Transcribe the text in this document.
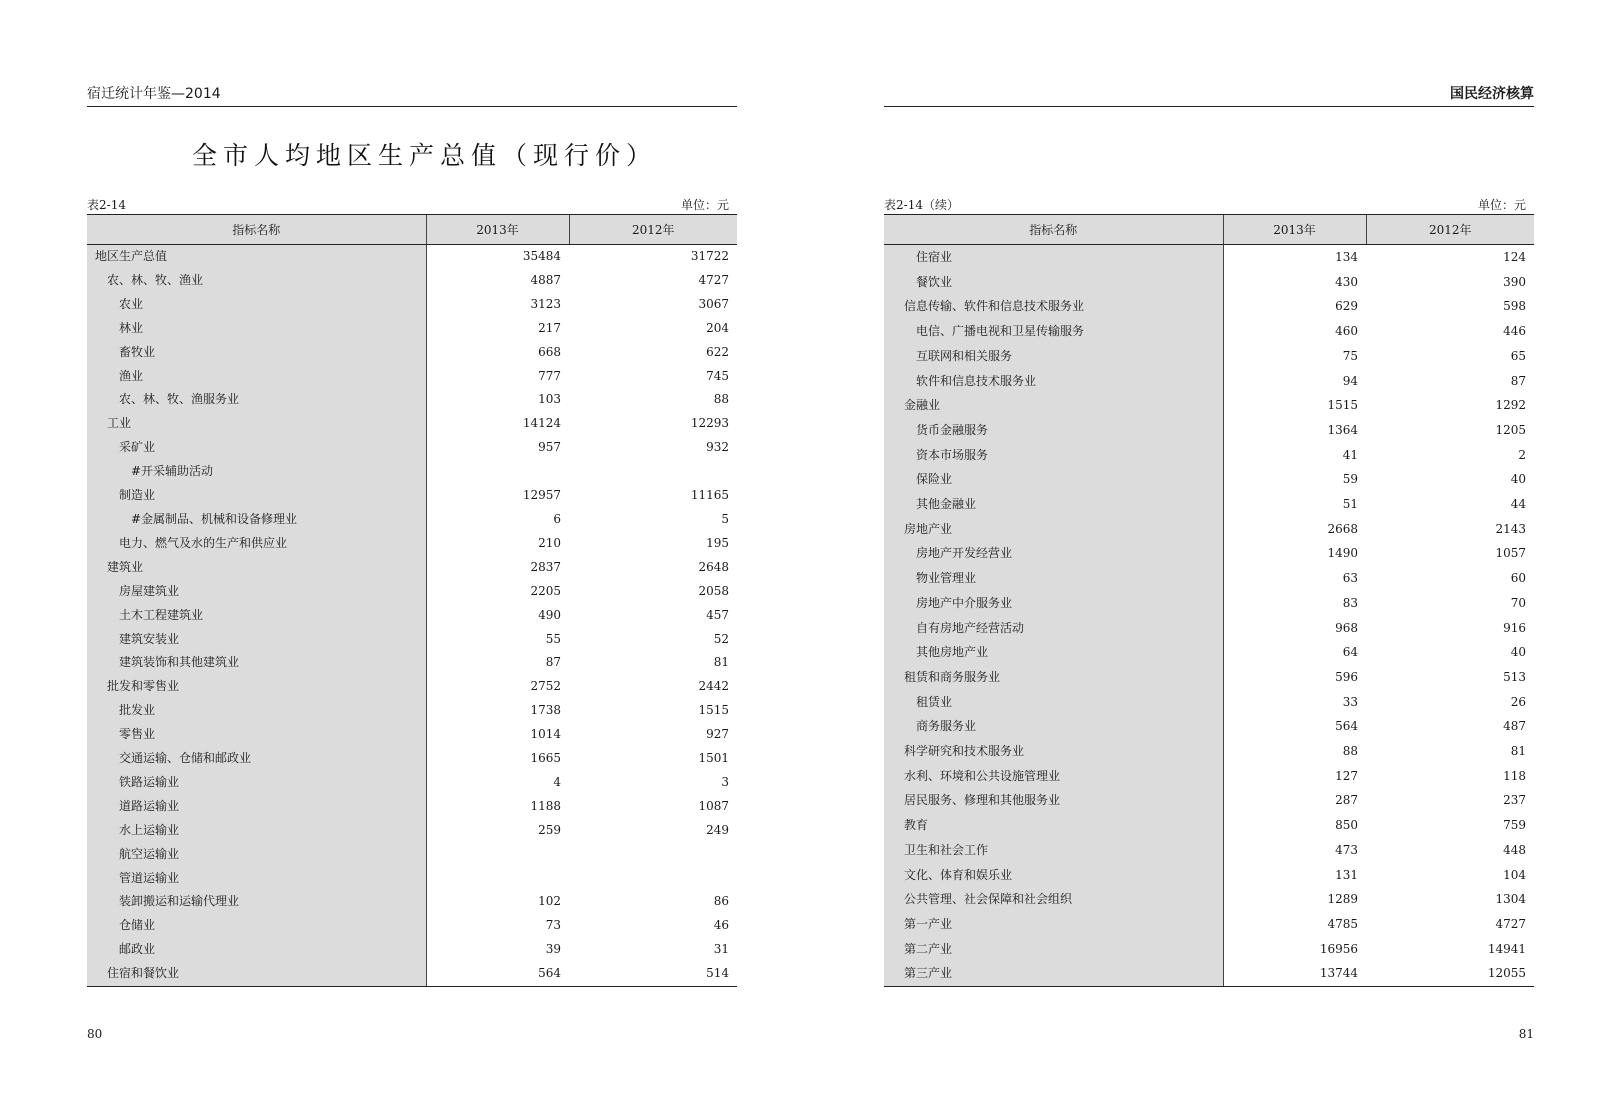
宿迁统计年鉴—2014
全市人均地区生产总值（现行价）
表2-14	单位：元
指标名称	2013年	2012年
地区生产总值	35484	31722
农、林、牧、渔业	4887	4727
农业	3123	3067
林业	217	204
畜牧业	668	622
渔业	777	745
农、林、牧、渔服务业	103	88
工业	14124	12293
采矿业	957	932
#开采辅助活动		
制造业	12957	11165
#金属制品、机械和设备修理业	6	5
电力、燃气及水的生产和供应业	210	195
建筑业	2837	2648
房屋建筑业	2205	2058
土木工程建筑业	490	457
建筑安装业	55	52
建筑装饰和其他建筑业	87	81
批发和零售业	2752	2442
批发业	1738	1515
零售业	1014	927
交通运输、仓储和邮政业	1665	1501
铁路运输业	4	3
道路运输业	1188	1087
水上运输业	259	249
航空运输业		
管道运输业		
装卸搬运和运输代理业	102	86
仓储业	73	46
邮政业	39	31
住宿和餐饮业	564	514
80
国民经济核算
表2-14（续）	单位：元
指标名称	2013年	2012年
住宿业	134	124
餐饮业	430	390
信息传输、软件和信息技术服务业	629	598
电信、广播电视和卫星传输服务	460	446
互联网和相关服务	75	65
软件和信息技术服务业	94	87
金融业	1515	1292
货币金融服务	1364	1205
资本市场服务	41	2
保险业	59	40
其他金融业	51	44
房地产业	2668	2143
房地产开发经营业	1490	1057
物业管理业	63	60
房地产中介服务业	83	70
自有房地产经营活动	968	916
其他房地产业	64	40
租赁和商务服务业	596	513
租赁业	33	26
商务服务业	564	487
科学研究和技术服务业	88	81
水利、环境和公共设施管理业	127	118
居民服务、修理和其他服务业	287	237
教育	850	759
卫生和社会工作	473	448
文化、体育和娱乐业	131	104
公共管理、社会保障和社会组织	1289	1304
第一产业	4785	4727
第二产业	16956	14941
第三产业	13744	12055
81
